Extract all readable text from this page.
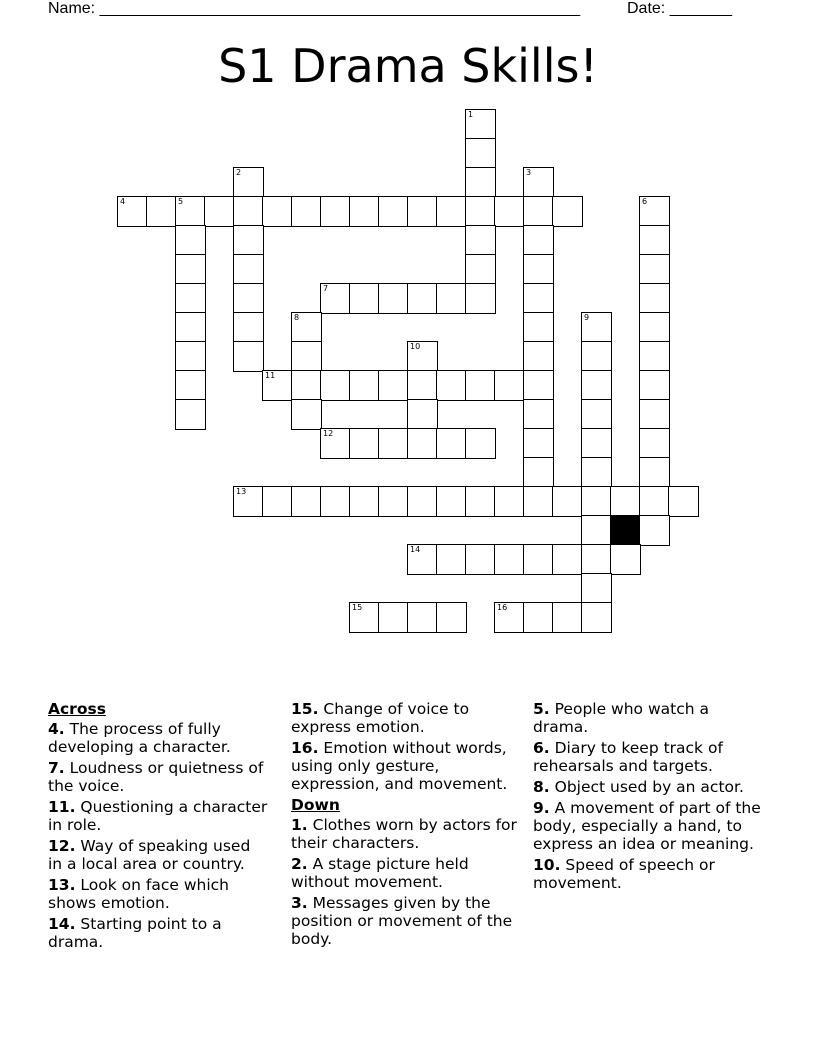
Name: ______________________________________________________	Date: _______
S1 Drama Skills!
1
2	3
4	5	6
7
8	9
10
11
12
13
14
15	16
Across
4. The process of fully developing a character.
7. Loudness or quietness of the voice.
11. Questioning a character in role.
12. Way of speaking used in a local area or country.
13. Look on face which shows emotion.
14. Starting point to a drama.
15. Change of voice to express emotion.
16. Emotion without words, using only gesture, expression, and movement.
Down
1. Clothes worn by actors for their characters.
2. A stage picture held without movement.
3. Messages given by the position or movement of the body.
5. People who watch a drama.
6. Diary to keep track of rehearsals and targets.
8. Object used by an actor.
9. A movement of part of the body, especially a hand, to express an idea or meaning.
10. Speed of speech or movement.
